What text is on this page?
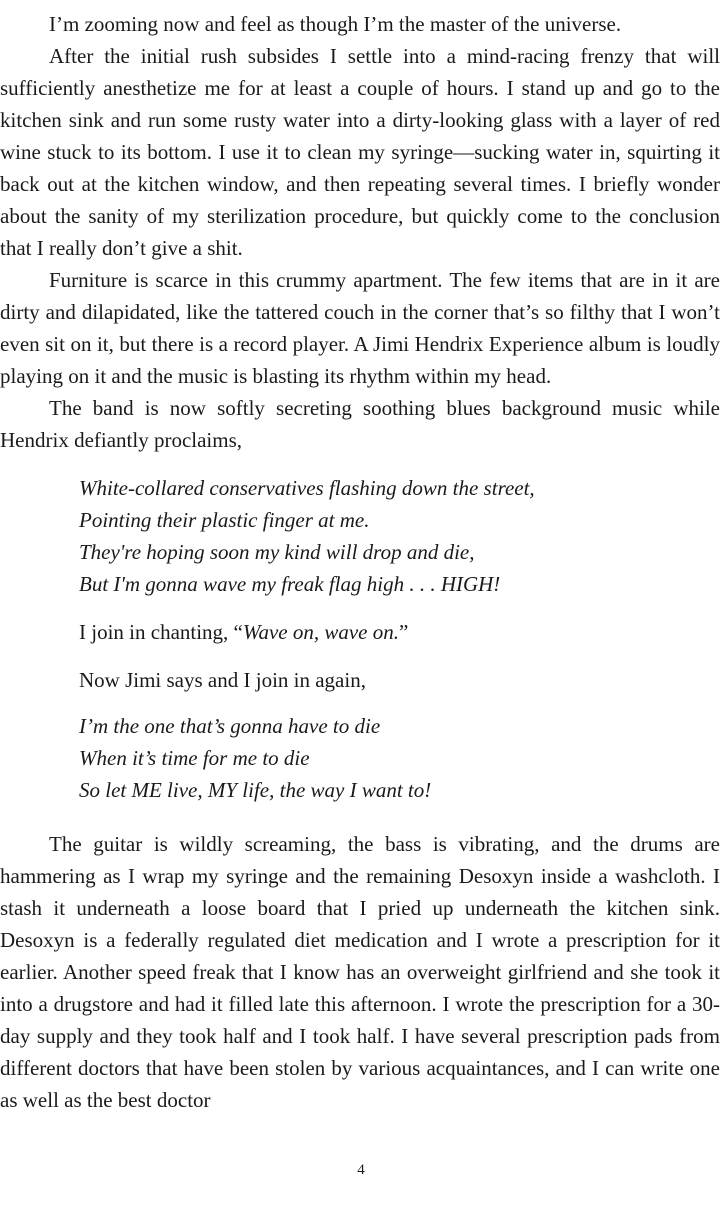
I’m zooming now and feel as though I’m the master of the universe.

After the initial rush subsides I settle into a mind-racing frenzy that will sufficiently anesthetize me for at least a couple of hours. I stand up and go to the kitchen sink and run some rusty water into a dirty-looking glass with a layer of red wine stuck to its bottom. I use it to clean my syringe—sucking water in, squirting it back out at the kitchen window, and then repeating several times. I briefly wonder about the sanity of my sterilization procedure, but quickly come to the conclusion that I really don’t give a shit.

Furniture is scarce in this crummy apartment. The few items that are in it are dirty and dilapidated, like the tattered couch in the corner that’s so filthy that I won’t even sit on it, but there is a record player. A Jimi Hendrix Experience album is loudly playing on it and the music is blasting its rhythm within my head.

The band is now softly secreting soothing blues background music while Hendrix defiantly proclaims,

White-collared conservatives flashing down the street,
Pointing their plastic finger at me.
They're hoping soon my kind will drop and die,
But I'm gonna wave my freak flag high . . . HIGH!

I join in chanting, “Wave on, wave on.”

Now Jimi says and I join in again,

I’m the one that’s gonna have to die
When it’s time for me to die
So let ME live, MY life, the way I want to!

The guitar is wildly screaming, the bass is vibrating, and the drums are hammering as I wrap my syringe and the remaining Desoxyn inside a washcloth. I stash it underneath a loose board that I pried up underneath the kitchen sink. Desoxyn is a federally regulated diet medication and I wrote a prescription for it earlier. Another speed freak that I know has an overweight girlfriend and she took it into a drugstore and had it filled late this afternoon. I wrote the prescription for a 30-day supply and they took half and I took half. I have several prescription pads from different doctors that have been stolen by various acquaintances, and I can write one as well as the best doctor

4
